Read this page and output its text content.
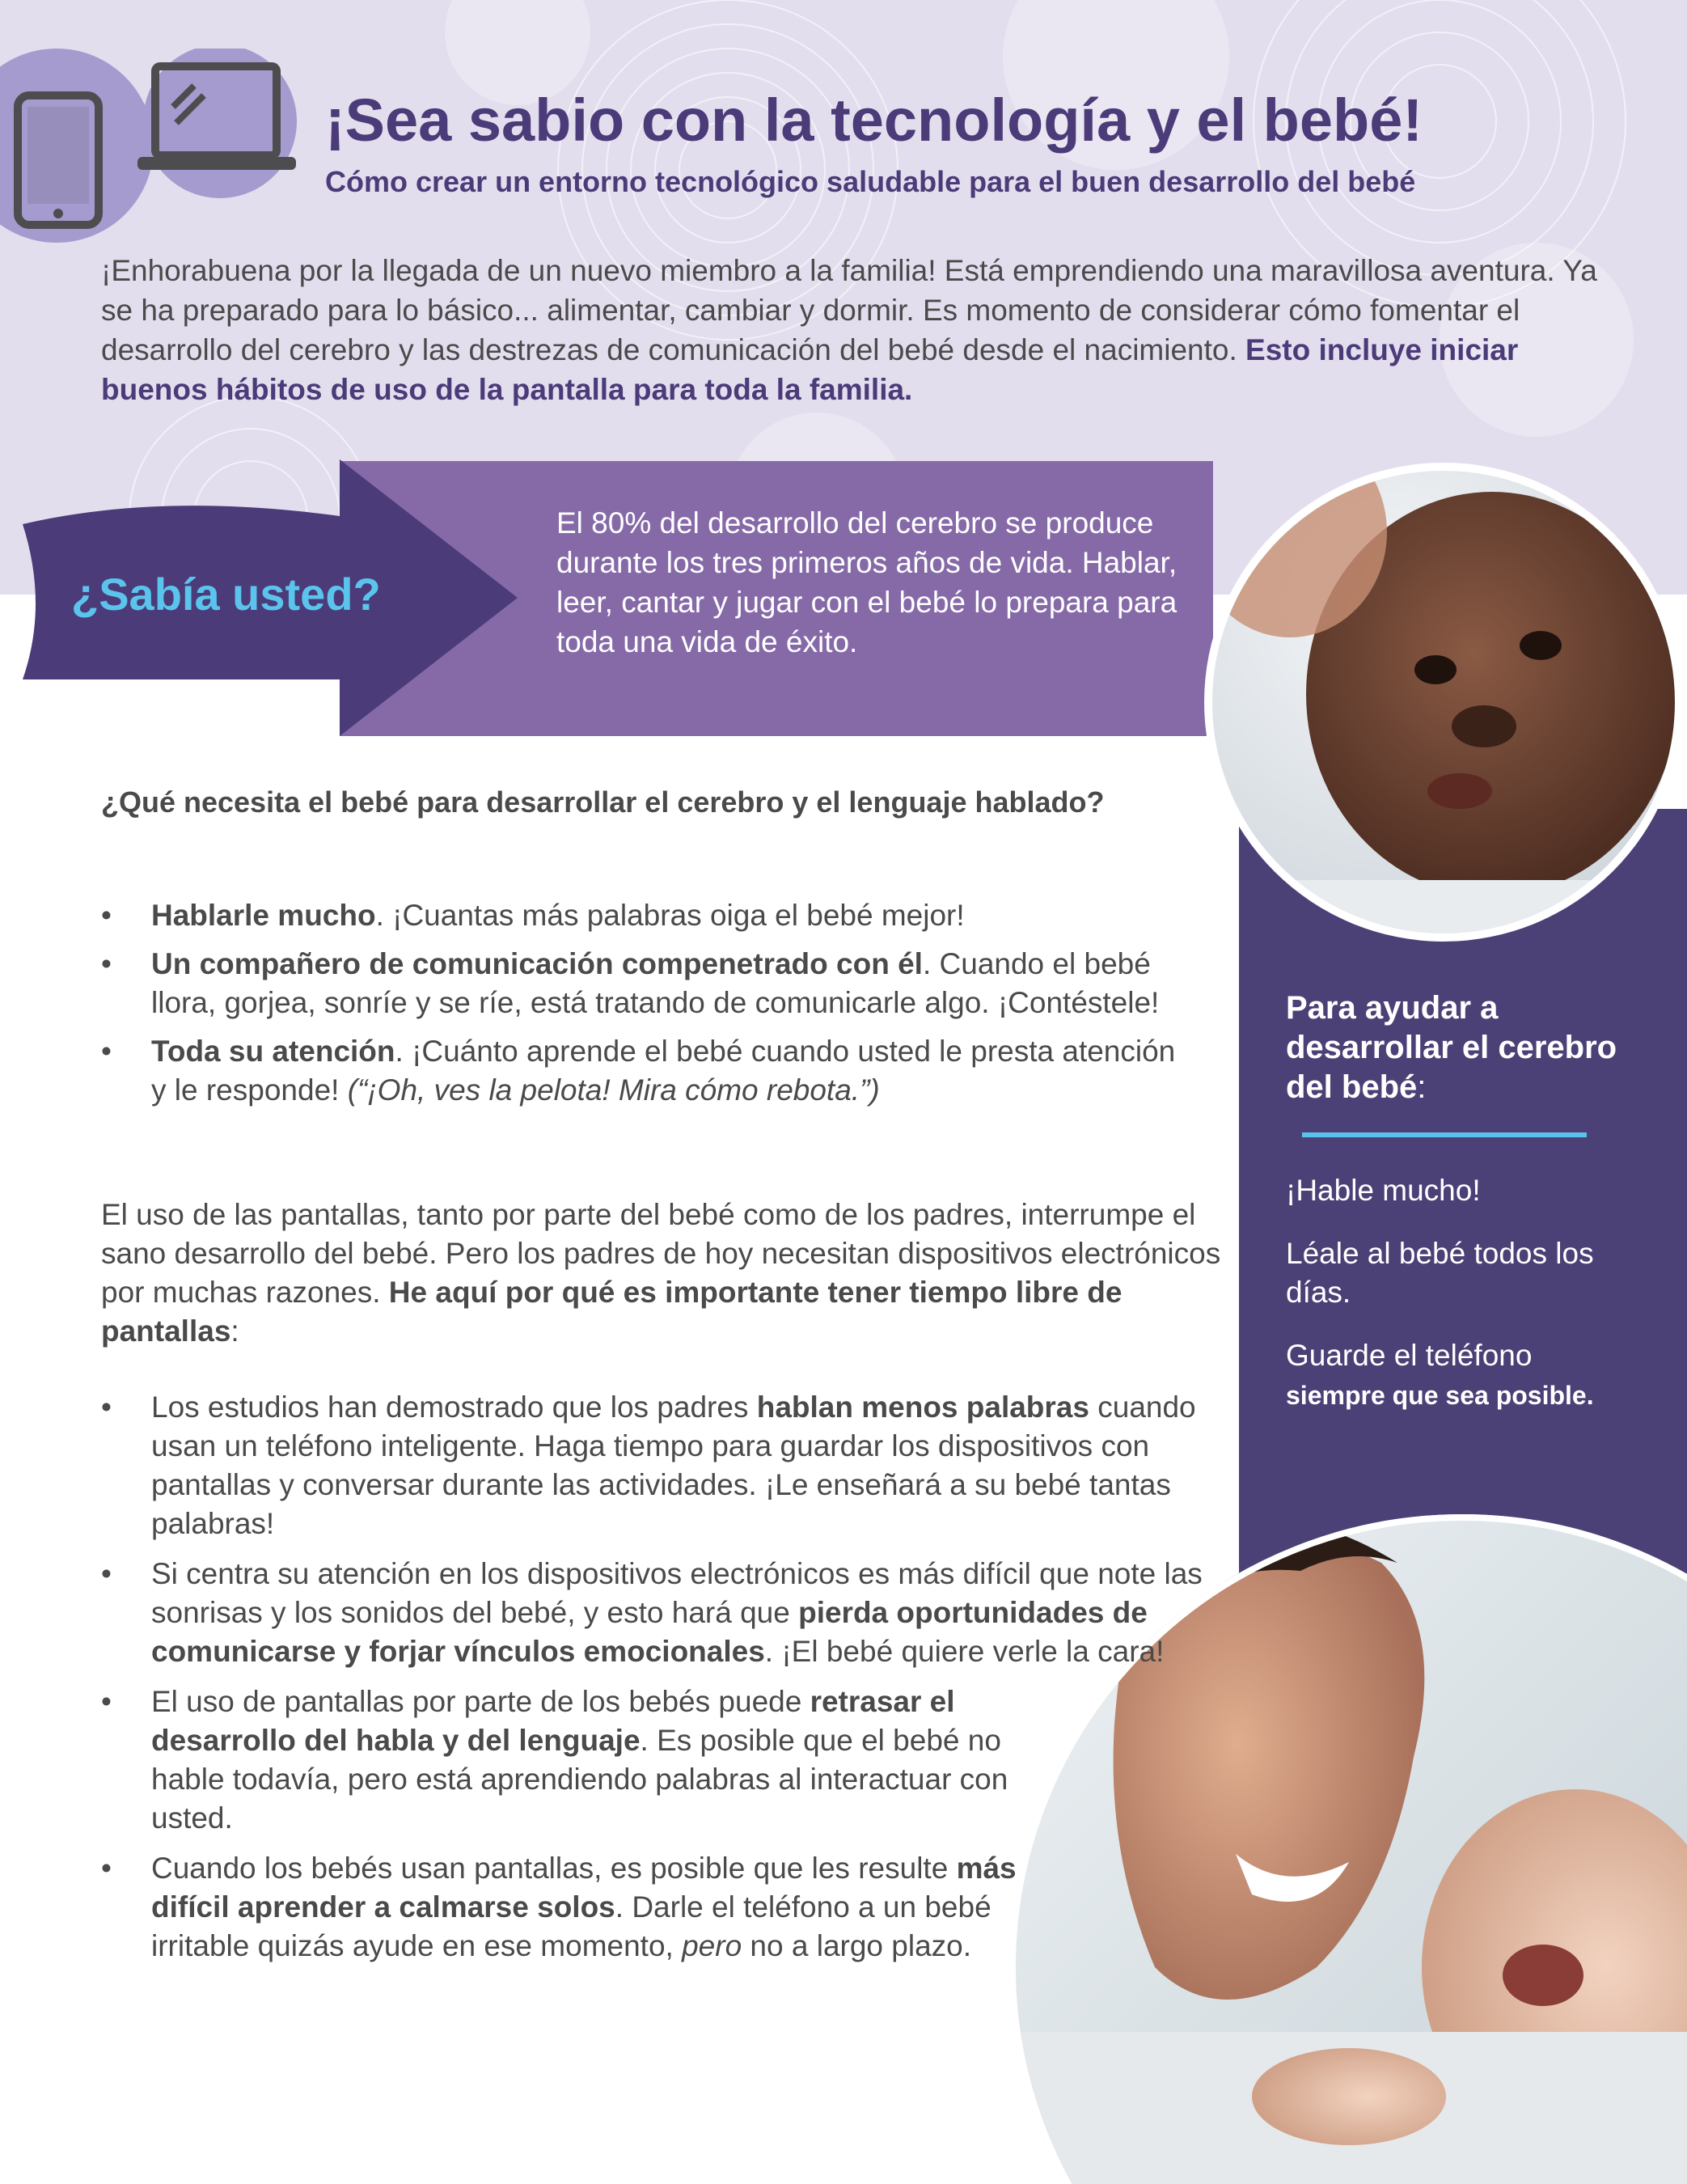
¡Sea sabio con la tecnología y el bebé!
Cómo crear un entorno tecnológico saludable para el buen desarrollo del bebé

¡Enhorabuena por la llegada de un nuevo miembro a la familia! Está emprendiendo una maravillosa aventura. Ya se ha preparado para lo básico... alimentar, cambiar y dormir. Es momento de considerar cómo fomentar el desarrollo del cerebro y las destrezas de comunicación del bebé desde el nacimiento. Esto incluye iniciar buenos hábitos de uso de la pantalla para toda la familia.

¿Sabía usted?

El 80% del desarrollo del cerebro se produce durante los tres primeros años de vida. Hablar, leer, cantar y jugar con el bebé lo prepara para toda una vida de éxito.

Para ayudar a desarrollar el cerebro del bebé:

¡Hable mucho!

Léale al bebé todos los días.

Guarde el teléfono
siempre que sea posible.

¿Qué necesita el bebé para desarrollar el cerebro y el lenguaje hablado?

• Hablarle mucho. ¡Cuantas más palabras oiga el bebé mejor!
• Un compañero de comunicación compenetrado con él. Cuando el bebé llora, gorjea, sonríe y se ríe, está tratando de comunicarle algo. ¡Contéstele!
• Toda su atención. ¡Cuánto aprende el bebé cuando usted le presta atención y le responde! (“¡Oh, ves la pelota! Mira cómo rebota.”)

El uso de las pantallas, tanto por parte del bebé como de los padres, interrumpe el sano desarrollo del bebé. Pero los padres de hoy necesitan dispositivos electrónicos por muchas razones. He aquí por qué es importante tener tiempo libre de pantallas:

• Los estudios han demostrado que los padres hablan menos palabras cuando usan un teléfono inteligente. Haga tiempo para guardar los dispositivos con pantallas y conversar durante las actividades. ¡Le enseñará a su bebé tantas palabras!
• Si centra su atención en los dispositivos electrónicos es más difícil que note las sonrisas y los sonidos del bebé, y esto hará que pierda oportunidades de comunicarse y forjar vínculos emocionales. ¡El bebé quiere verle la cara!
• El uso de pantallas por parte de los bebés puede retrasar el desarrollo del habla y del lenguaje. Es posible que el bebé no hable todavía, pero está aprendiendo palabras al interactuar con usted.
• Cuando los bebés usan pantallas, es posible que les resulte más difícil aprender a calmarse solos. Darle el teléfono a un bebé irritable quizás ayude en ese momento, pero no a largo plazo.
